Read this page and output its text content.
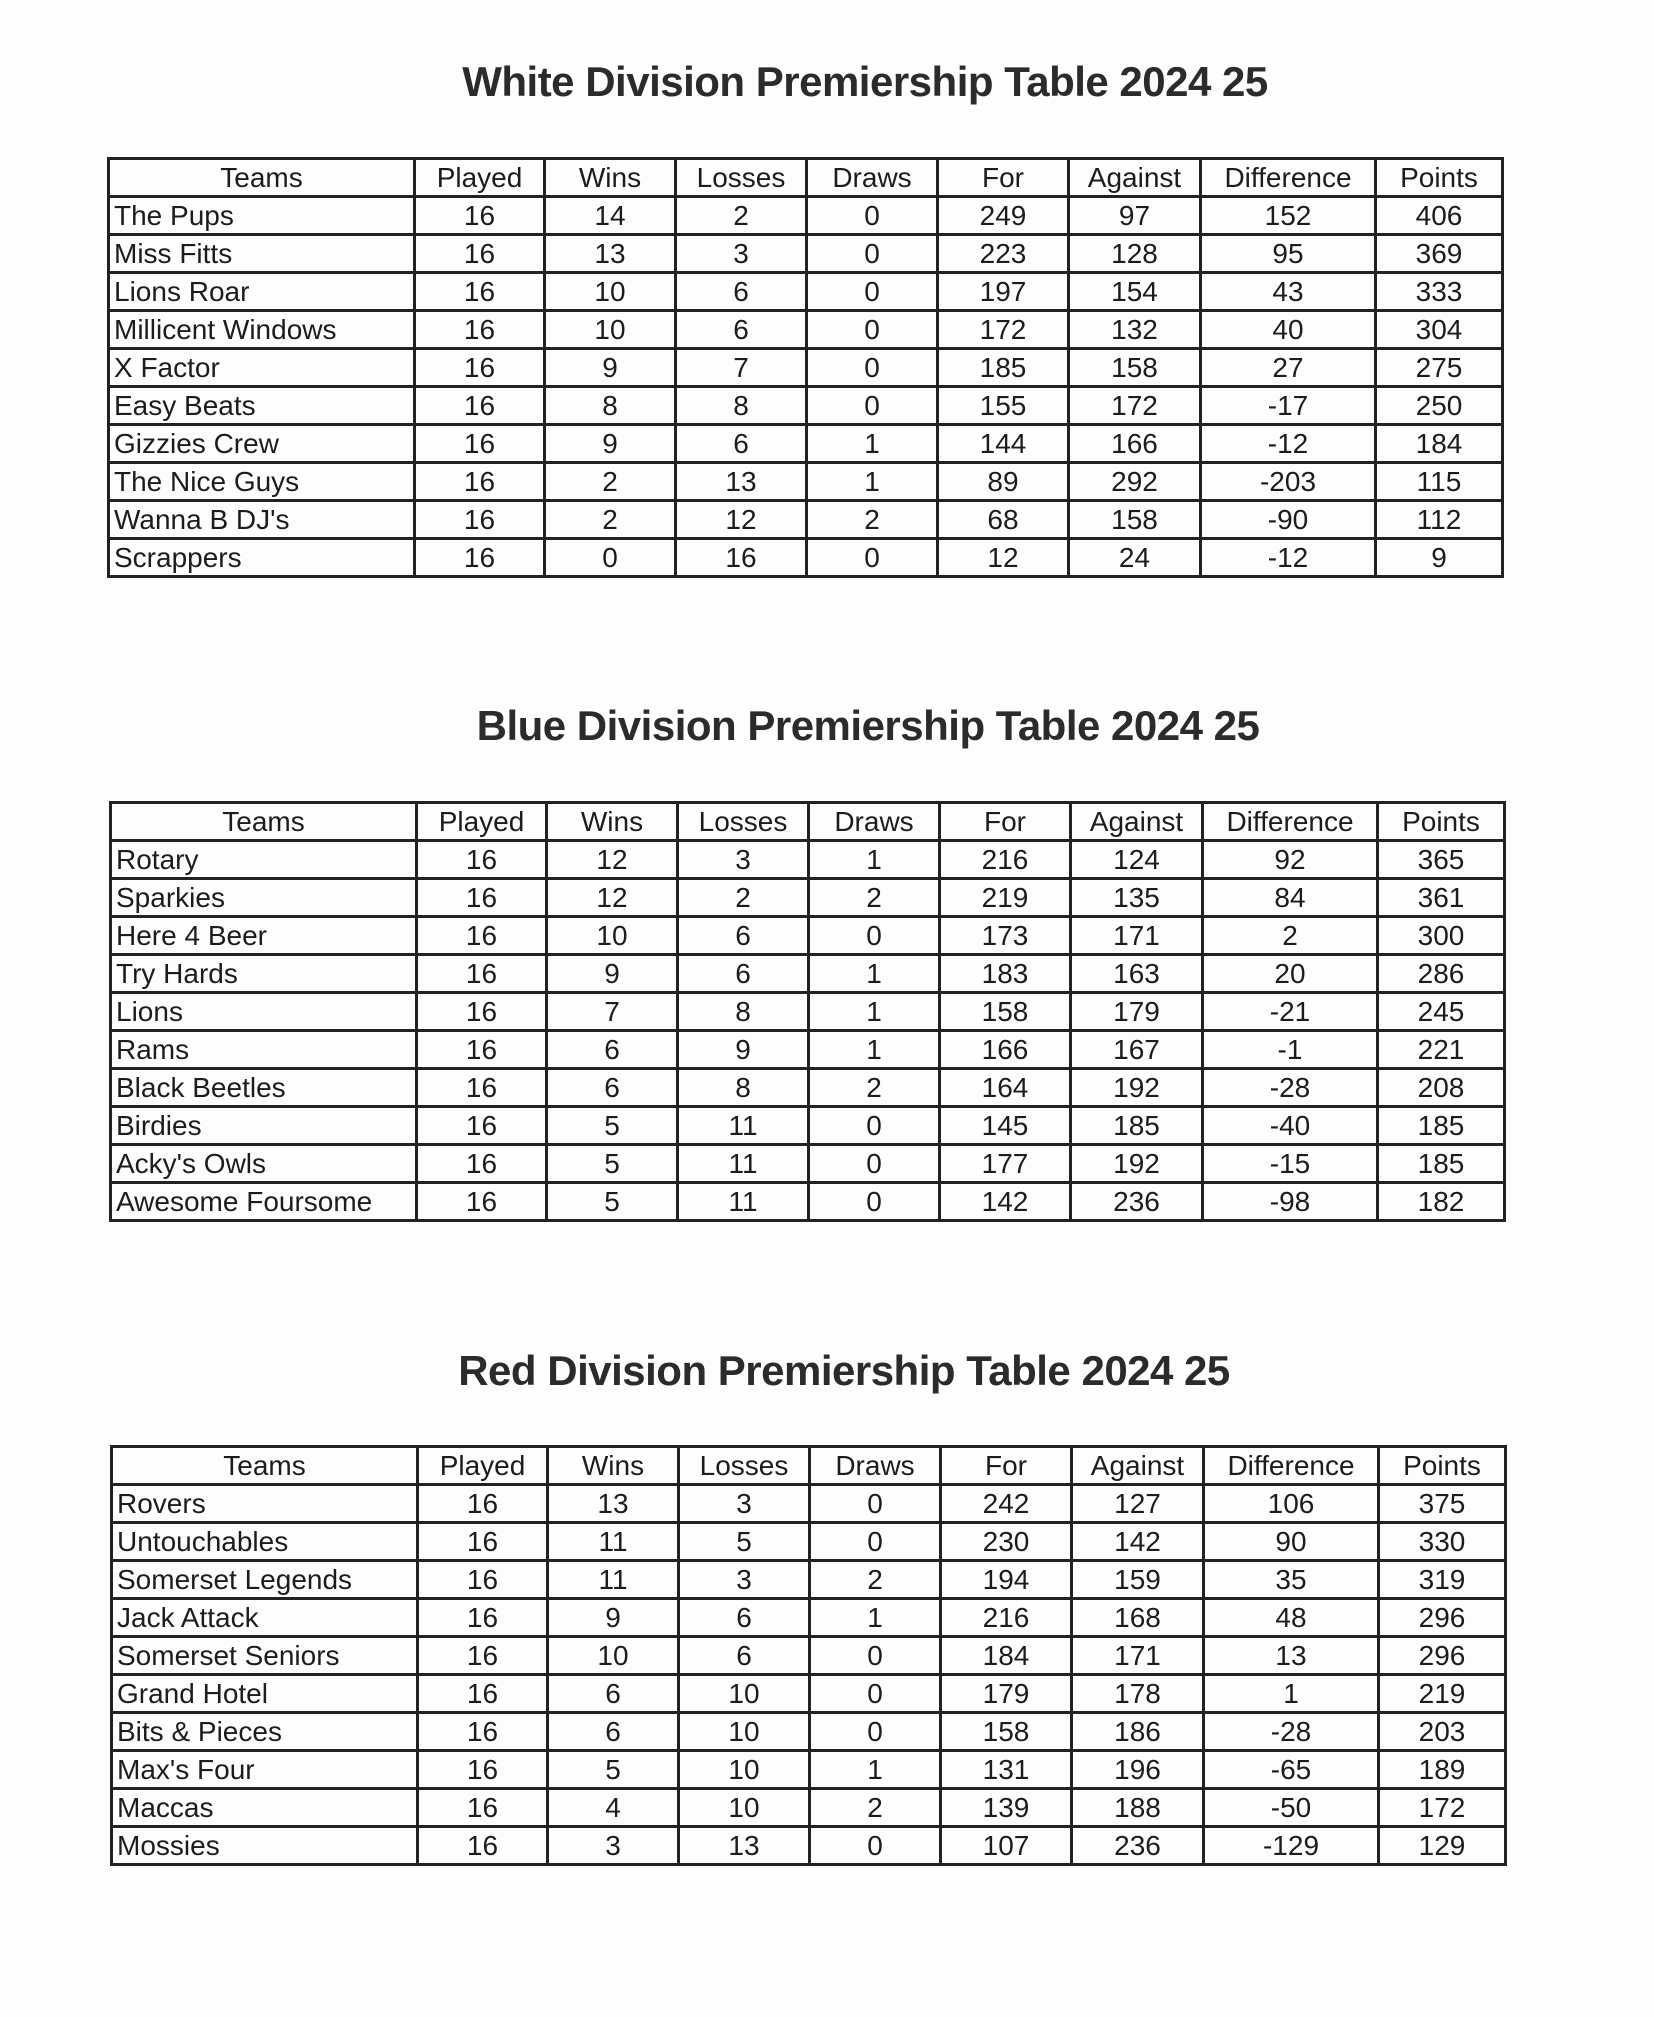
White Division Premiership Table 2024 25
Teams	Played	Wins	Losses	Draws	For	Against	Difference	Points
The Pups	16	14	2	0	249	97	152	406
Miss Fitts	16	13	3	0	223	128	95	369
Lions Roar	16	10	6	0	197	154	43	333
Millicent Windows	16	10	6	0	172	132	40	304
X Factor	16	9	7	0	185	158	27	275
Easy Beats	16	8	8	0	155	172	-17	250
Gizzies Crew	16	9	6	1	144	166	-12	184
The Nice Guys	16	2	13	1	89	292	-203	115
Wanna B DJ's	16	2	12	2	68	158	-90	112
Scrappers	16	0	16	0	12	24	-12	9
Blue Division Premiership Table 2024 25
Teams	Played	Wins	Losses	Draws	For	Against	Difference	Points
Rotary	16	12	3	1	216	124	92	365
Sparkies	16	12	2	2	219	135	84	361
Here 4 Beer	16	10	6	0	173	171	2	300
Try Hards	16	9	6	1	183	163	20	286
Lions	16	7	8	1	158	179	-21	245
Rams	16	6	9	1	166	167	-1	221
Black Beetles	16	6	8	2	164	192	-28	208
Birdies	16	5	11	0	145	185	-40	185
Acky's Owls	16	5	11	0	177	192	-15	185
Awesome Foursome	16	5	11	0	142	236	-98	182
Red Division Premiership Table 2024 25
Teams	Played	Wins	Losses	Draws	For	Against	Difference	Points
Rovers	16	13	3	0	242	127	106	375
Untouchables	16	11	5	0	230	142	90	330
Somerset Legends	16	11	3	2	194	159	35	319
Jack Attack	16	9	6	1	216	168	48	296
Somerset Seniors	16	10	6	0	184	171	13	296
Grand Hotel	16	6	10	0	179	178	1	219
Bits & Pieces	16	6	10	0	158	186	-28	203
Max's Four	16	5	10	1	131	196	-65	189
Maccas	16	4	10	2	139	188	-50	172
Mossies	16	3	13	0	107	236	-129	129
